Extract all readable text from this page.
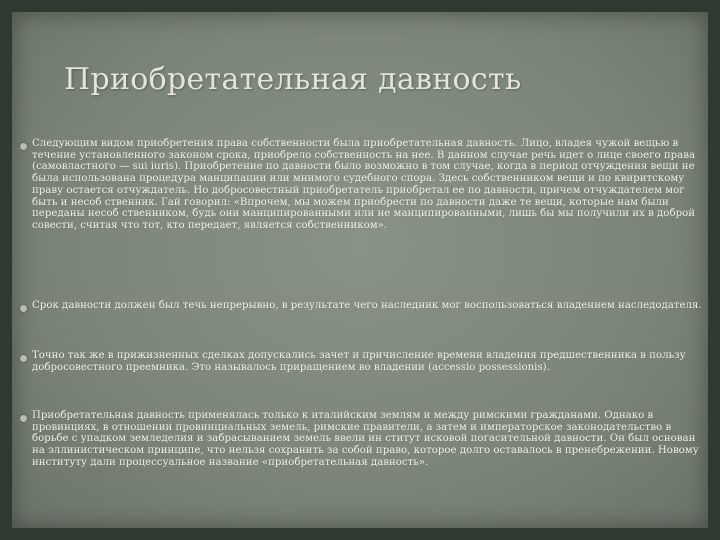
Приобретательная давность

Следующим видом приобретения права собственности была приобретательная давность. Лицо, владея чужой вещью в течение установленного законом срока, приобрело собственность на нее. В данном случае речь идет о лице своего права (самовластного — sui iuris). Приобретение по давности было возможно в том случае, когда в период отчуждения вещи не была использована процедура манципации или мнимого судебного спора. Здесь собственником вещи и по квиритскому праву остается отчуждатель. Но добросовестный приобретатель приобретал ее по давности, причем отчуждателем мог быть и несоб ственник. Гай говорил: «Впрочем, мы можем приобрести по давности даже те вещи, которые нам были переданы несоб ственником, будь они манципированными или не манципированными, лишь бы мы получили их в доброй совести, считая что тот, кто передает, является собственником».

Срок давности должен был течь непрерывно, в результате чего наследник мог воспользоваться владением наследодателя.

Точно так же в прижизненных сделках допускались зачет и причисление времени владения предшественника в пользу добросовестного преемника. Это называлось приращением во владении (accessio possessionis).

Приобретательная давность применялась только к италийским землям и между римскими гражданами. Однако в провинциях, в отношении провинциальных земель, римские правители, а затем и императорское законодательство в борьбе с упадком земледелия и забрасыванием земель ввели ин ститут исковой погасительной давности. Он был основан на эллинистическом принципе, что нельзя сохранить за собой право, которое долго оставалось в пренебрежении. Новому институту дали процессуальное название «приобретательная давность».
